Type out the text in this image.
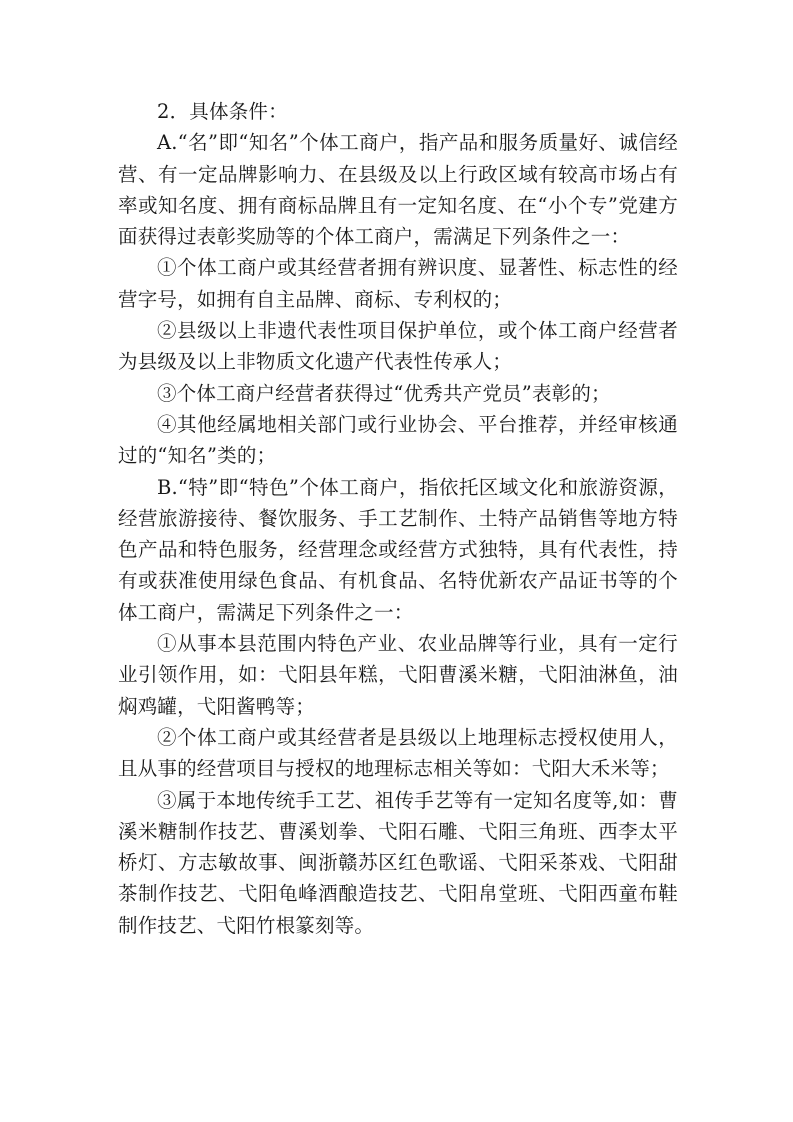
2．具体条件：

A.“名”即“知名”个体工商户，指产品和服务质量好、诚信经营、有一定品牌影响力、在县级及以上行政区域有较高市场占有率或知名度、拥有商标品牌且有一定知名度、在“小个专”党建方面获得过表彰奖励等的个体工商户，需满足下列条件之一：

①个体工商户或其经营者拥有辨识度、显著性、标志性的经营字号，如拥有自主品牌、商标、专利权的；

②县级以上非遗代表性项目保护单位，或个体工商户经营者为县级及以上非物质文化遗产代表性传承人；

③个体工商户经营者获得过“优秀共产党员”表彰的；

④其他经属地相关部门或行业协会、平台推荐，并经审核通过的“知名”类的；

B.“特”即“特色”个体工商户，指依托区域文化和旅游资源，经营旅游接待、餐饮服务、手工艺制作、土特产品销售等地方特色产品和特色服务，经营理念或经营方式独特，具有代表性，持有或获准使用绿色食品、有机食品、名特优新农产品证书等的个体工商户，需满足下列条件之一：

①从事本县范围内特色产业、农业品牌等行业，具有一定行业引领作用，如：弋阳县年糕，弋阳曹溪米糖，弋阳油淋鱼，油焖鸡罐，弋阳酱鸭等；

②个体工商户或其经营者是县级以上地理标志授权使用人，且从事的经营项目与授权的地理标志相关等如：弋阳大禾米等；

③属于本地传统手工艺、祖传手艺等有一定知名度等,如：曹溪米糖制作技艺、曹溪划拳、弋阳石雕、弋阳三角班、西李太平桥灯、方志敏故事、闽浙赣苏区红色歌谣、弋阳采茶戏、弋阳甜茶制作技艺、弋阳龟峰酒酿造技艺、弋阳帛堂班、弋阳西童布鞋制作技艺、弋阳竹根篆刻等。
